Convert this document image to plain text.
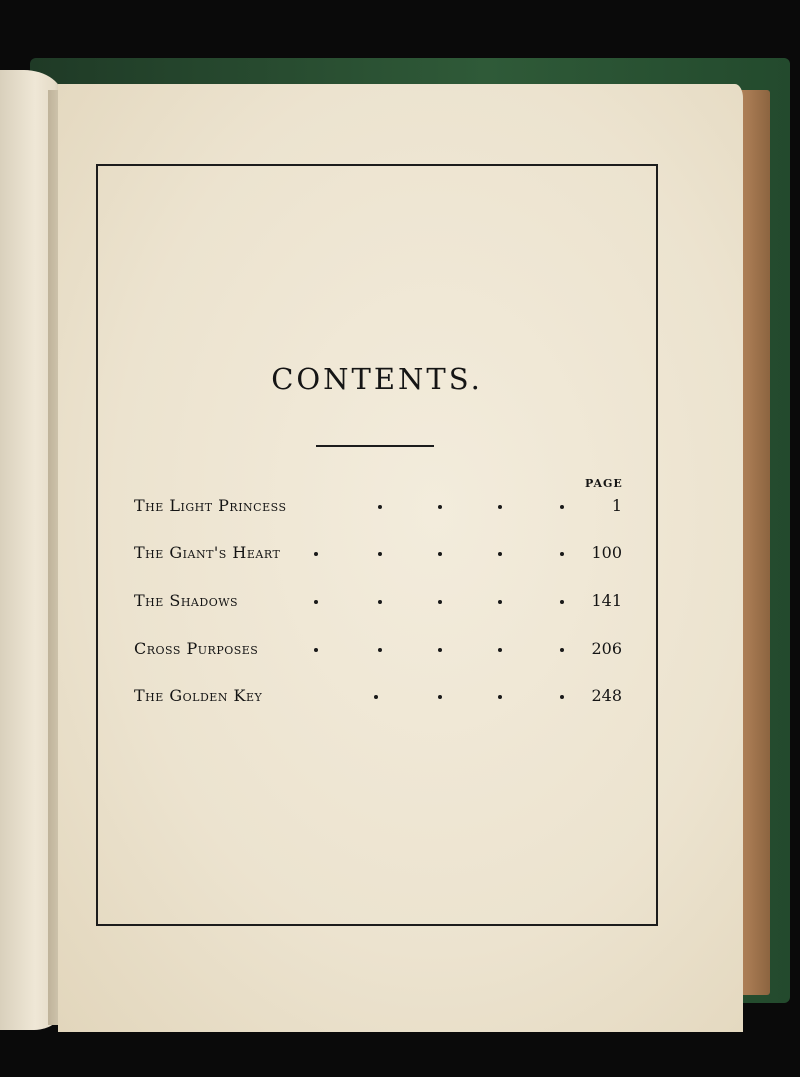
CONTENTS.
PAGE
The Light Princess	1
The Giant's Heart	100
The Shadows	141
Cross Purposes	206
The Golden Key	248
